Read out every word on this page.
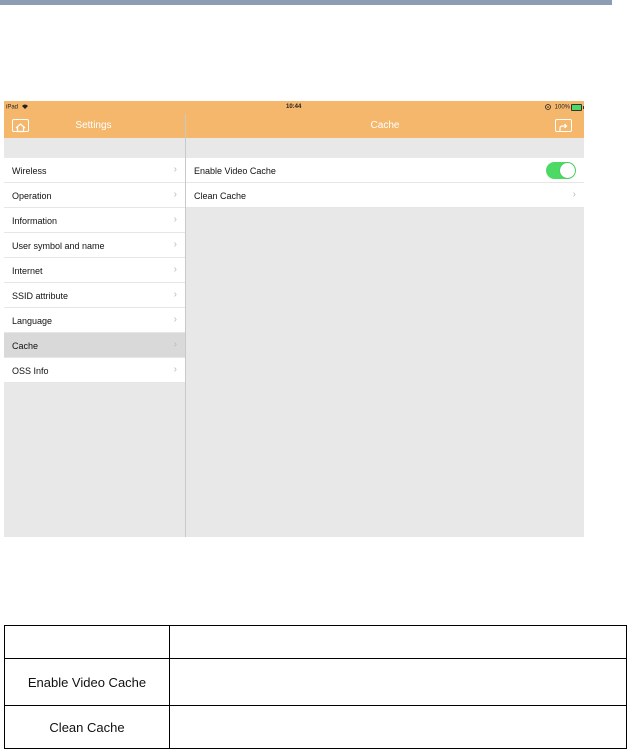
iPad	10:44	100%
Settings	Cache
Wireless	›
Operation	›
Information	›
User symbol and name	›
Internet	›
SSID attribute	›
Language	›
Cache	›
OSS Info	›
Enable Video Cache
Clean Cache	›

Enable Video Cache	
Clean Cache	
